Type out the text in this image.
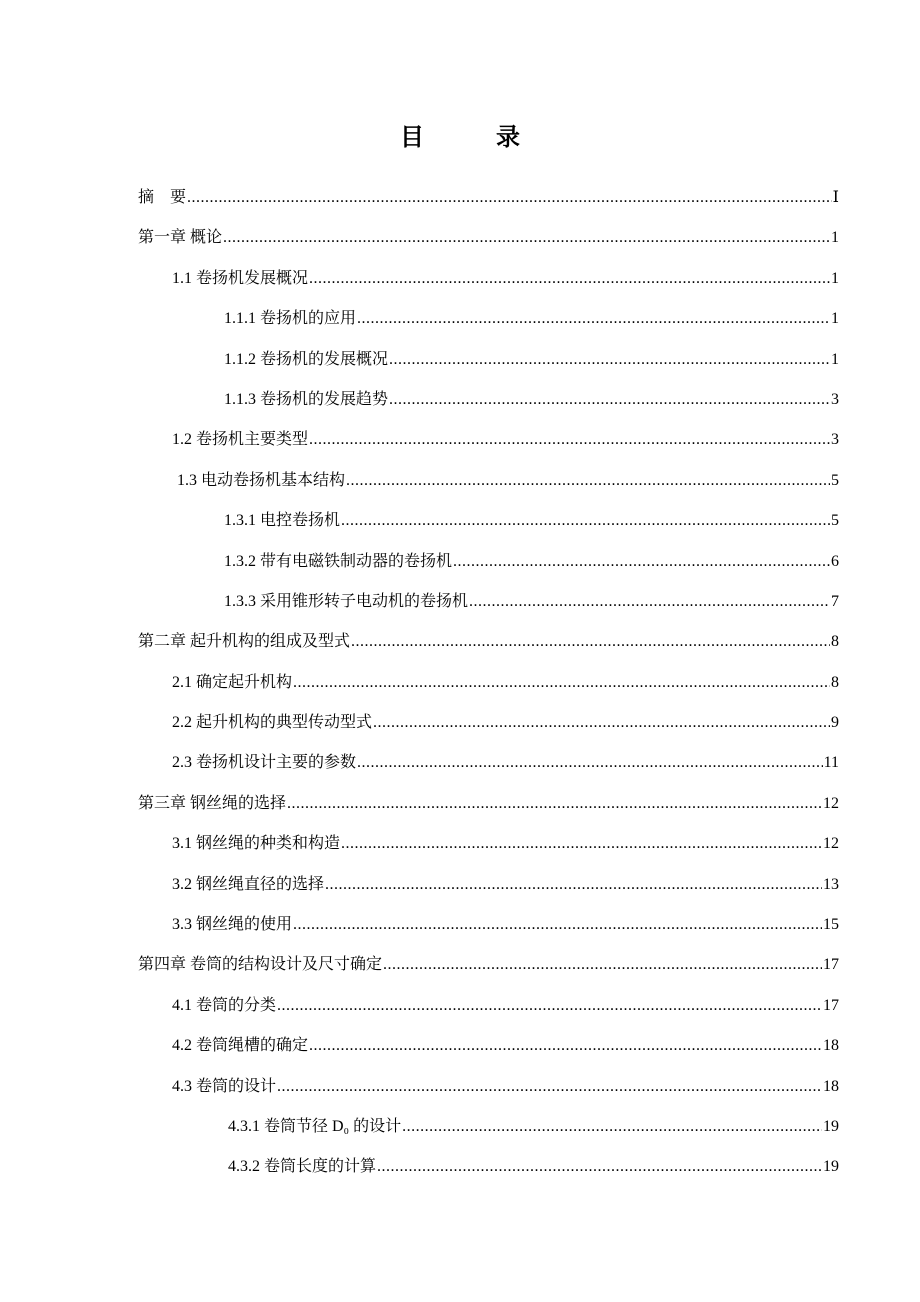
目　录
摘　要 .....	Ⅰ
第一章 概论 .....	1
1.1 卷扬机发展概况 .....	1
1.1.1 卷扬机的应用 .....	1
1.1.2 卷扬机的发展概况 .....	1
1.1.3 卷扬机的发展趋势 .....	3
1.2 卷扬机主要类型 .....	3
1.3 电动卷扬机基本结构 .....	5
1.3.1 电控卷扬机 .....	5
1.3.2 带有电磁铁制动器的卷扬机 .....	6
1.3.3 采用锥形转子电动机的卷扬机 .....	7
第二章 起升机构的组成及型式 .....	8
2.1 确定起升机构 .....	8
2.2 起升机构的典型传动型式 .....	9
2.3 卷扬机设计主要的参数 .....	11
第三章 钢丝绳的选择 .....	12
3.1 钢丝绳的种类和构造 .....	12
3.2 钢丝绳直径的选择 .....	13
3.3 钢丝绳的使用 .....	15
第四章 卷筒的结构设计及尺寸确定 .....	17
4.1 卷筒的分类 .....	17
4.2 卷筒绳槽的确定 .....	18
4.3 卷筒的设计 .....	18
4.3.1 卷筒节径 D₀ 的设计 .....	19
4.3.2 卷筒长度的计算 .....	19
